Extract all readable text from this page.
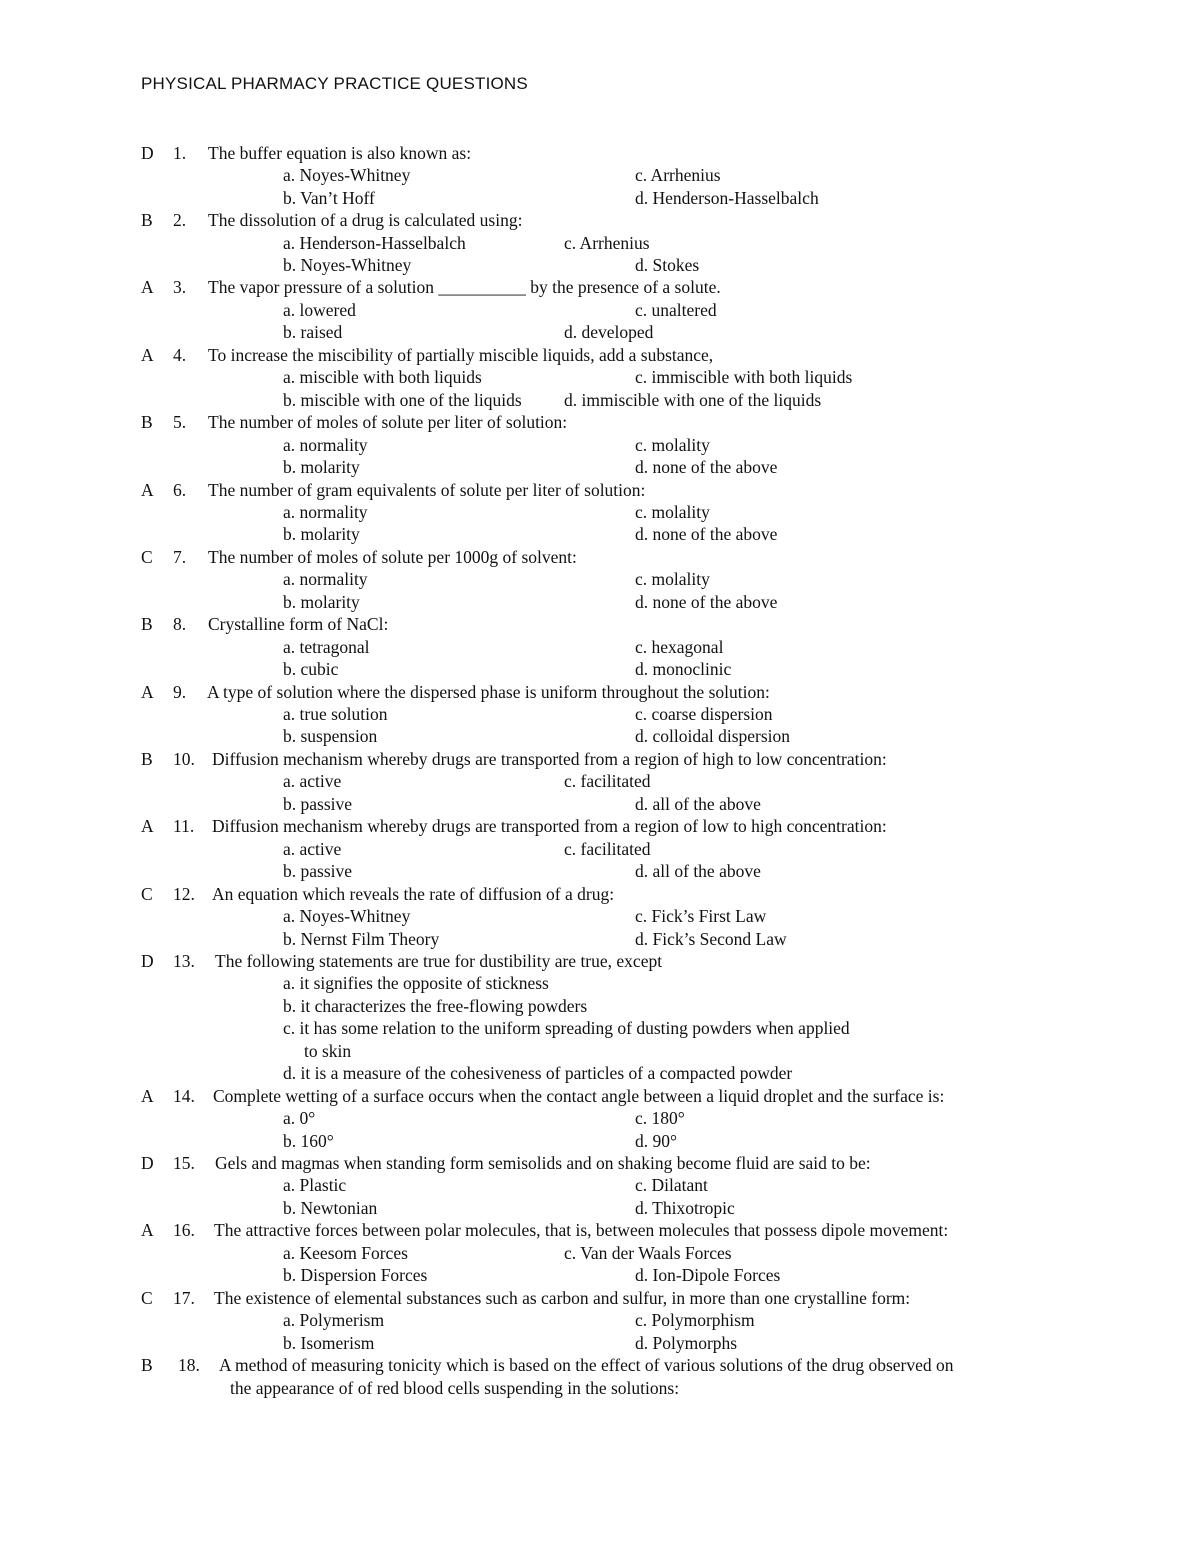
PHYSICAL PHARMACY PRACTICE QUESTIONS
D 1. The buffer equation is also known as:
a. Noyes-Whitney	c. Arrhenius
b. Van’t Hoff	d. Henderson-Hasselbalch
B 2. The dissolution of a drug is calculated using:
a. Henderson-Hasselbalch	c. Arrhenius
b. Noyes-Whitney	d. Stokes
A 3. The vapor pressure of a solution __________ by the presence of a solute.
a. lowered	c. unaltered
b. raised	d. developed
A 4. To increase the miscibility of partially miscible liquids, add a substance,
a. miscible with both liquids	c. immiscible with both liquids
b. miscible with one of the liquids d. immiscible with one of the liquids
B 5. The number of moles of solute per liter of solution:
a. normality	c. molality
b. molarity	d. none of the above
A 6. The number of gram equivalents of solute per liter of solution:
a. normality	c. molality
b. molarity	d. none of the above
C 7. The number of moles of solute per 1000g of solvent:
a. normality	c. molality
b. molarity	d. none of the above
B 8. Crystalline form of NaCl:
a. tetragonal	c. hexagonal
b. cubic	d. monoclinic
A 9. A type of solution where the dispersed phase is uniform throughout the solution:
a. true solution	c. coarse dispersion
b. suspension	d. colloidal dispersion
B 10. Diffusion mechanism whereby drugs are transported from a region of high to low concentration:
a. active	c. facilitated
b. passive	d. all of the above
A 11. Diffusion mechanism whereby drugs are transported from a region of low to high concentration:
a. active	c. facilitated
b. passive	d. all of the above
C 12. An equation which reveals the rate of diffusion of a drug:
a. Noyes-Whitney	c. Fick’s First Law
b. Nernst Film Theory	d. Fick’s Second Law
D 13. The following statements are true for dustibility are true, except
a. it signifies the opposite of stickness
b. it characterizes the free-flowing powders
c. it has some relation to the uniform spreading of dusting powders when applied
to skin
d. it is a measure of the cohesiveness of particles of a compacted powder
A 14. Complete wetting of a surface occurs when the contact angle between a liquid droplet and the surface is:
a. 0°	c. 180°
b. 160°	d. 90°
D 15. Gels and magmas when standing form semisolids and on shaking become fluid are said to be:
a. Plastic	c. Dilatant
b. Newtonian	d. Thixotropic
A 16. The attractive forces between polar molecules, that is, between molecules that possess dipole movement:
a. Keesom Forces	c. Van der Waals Forces
b. Dispersion Forces	d. Ion-Dipole Forces
C 17. The existence of elemental substances such as carbon and sulfur, in more than one crystalline form:
a. Polymerism	c. Polymorphism
b. Isomerism	d. Polymorphs
B 18. A method of measuring tonicity which is based on the effect of various solutions of the drug observed on
the appearance of of red blood cells suspending in the solutions:
